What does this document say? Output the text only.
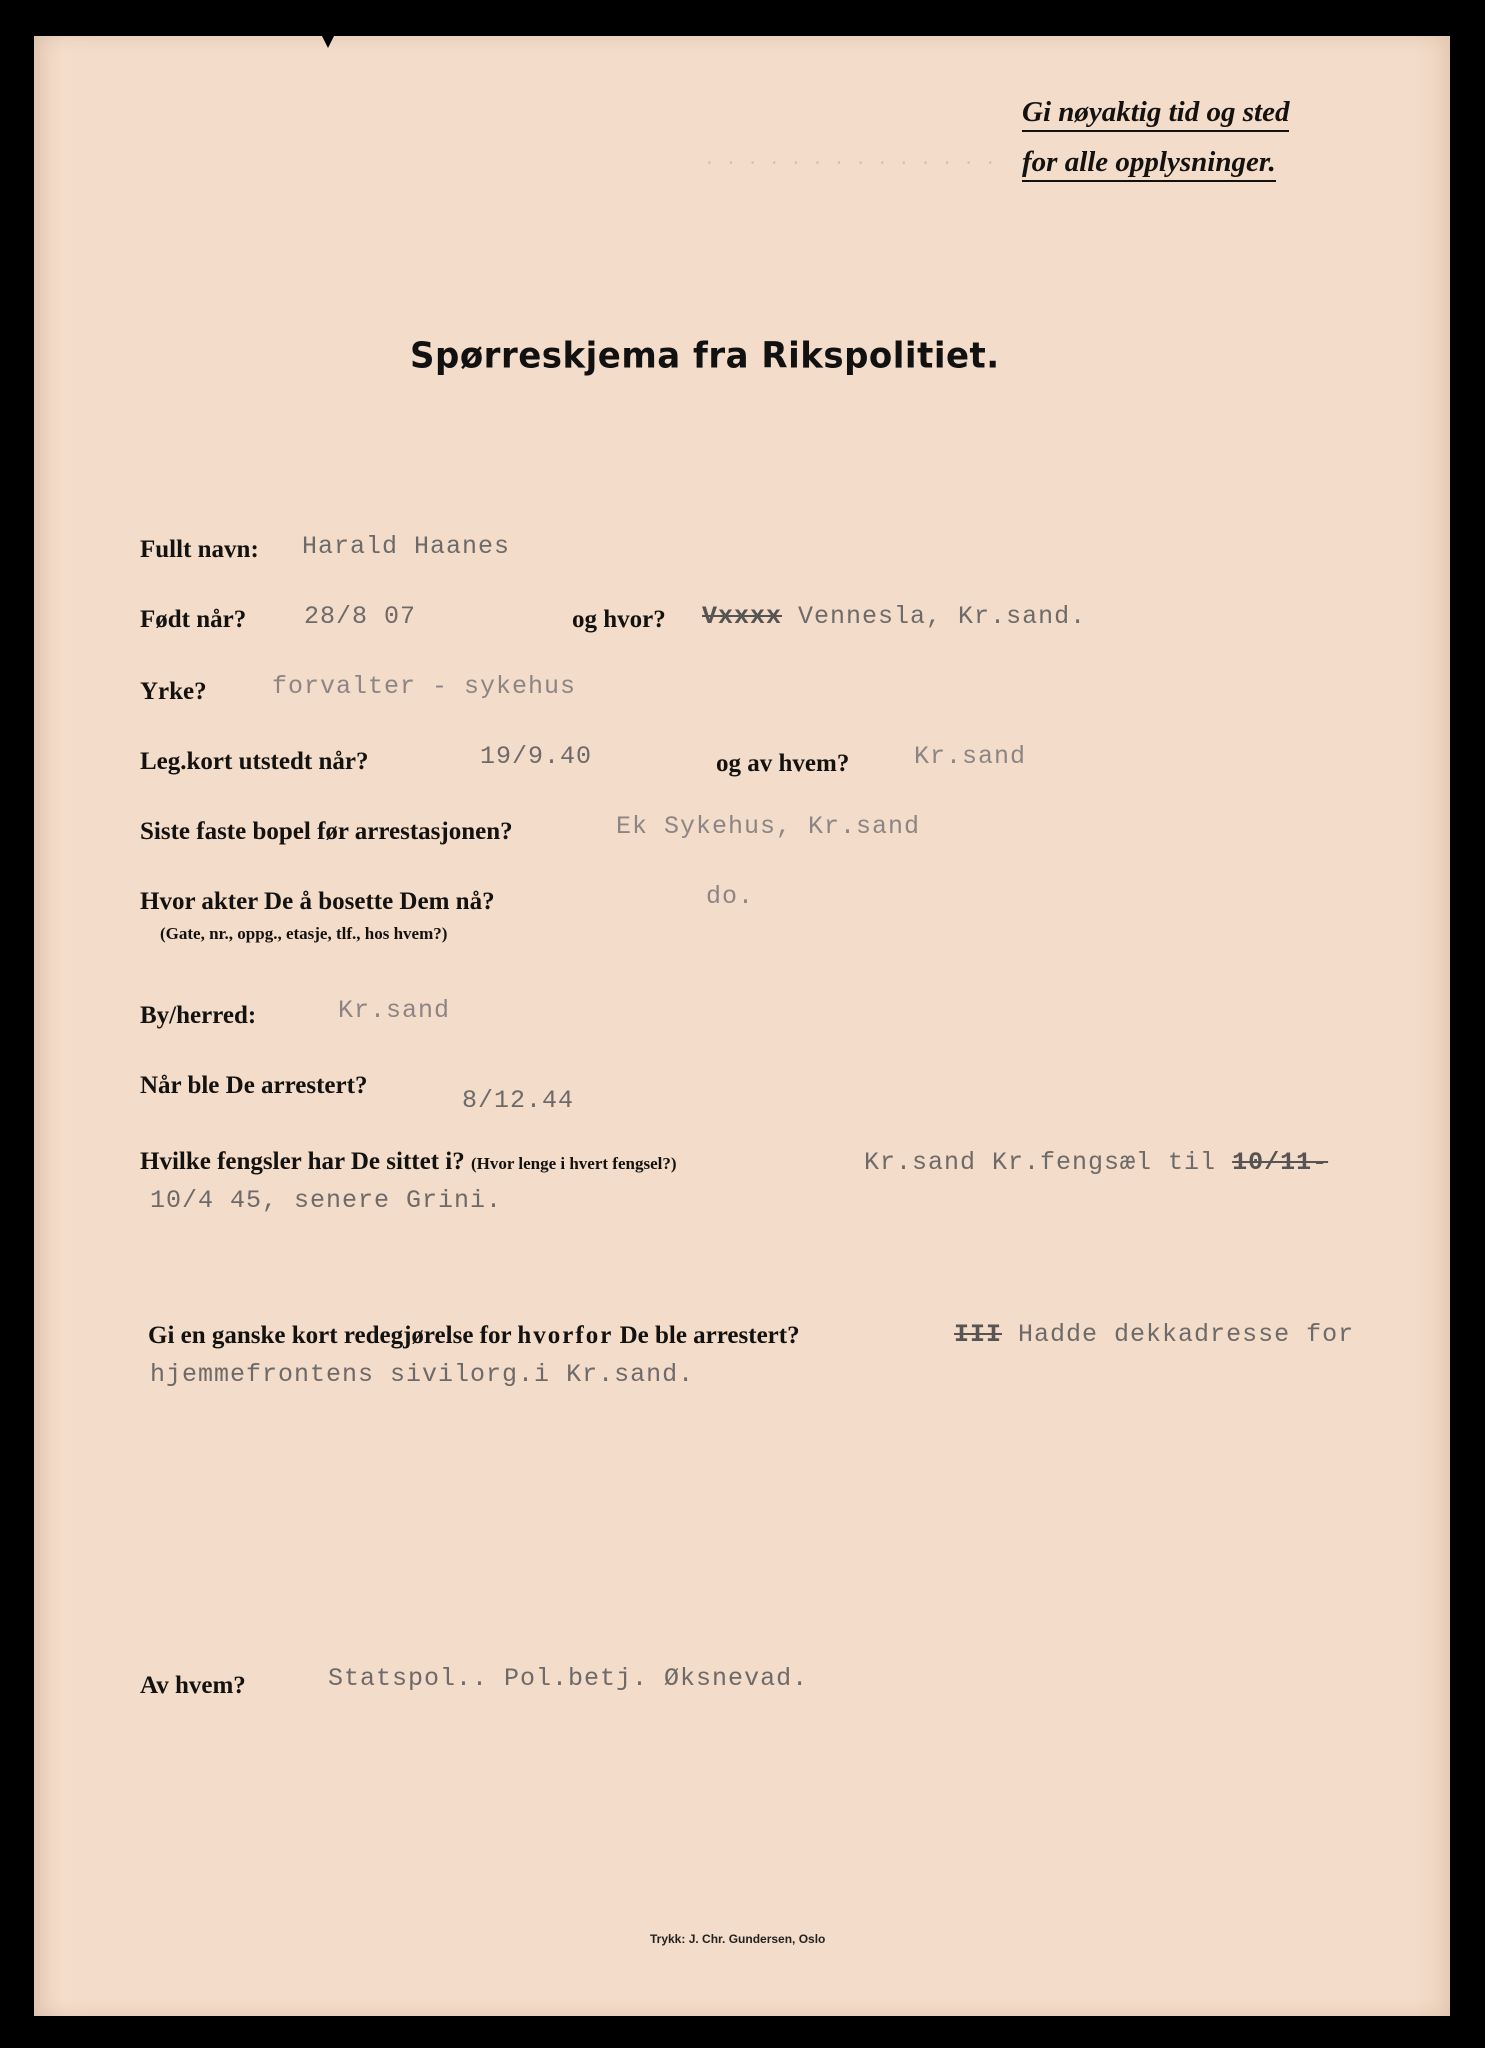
· · · · · · · · · · · · · ·
Gi nøyaktig tid og sted
for alle opplysninger.
Spørreskjema fra Rikspolitiet.
Fullt navn: Harald Haanes
Født når? 28/8 07	og hvor? Vxxxx Vennesla, Kr.sand.
Yrke?	forvalter - sykehus
Leg.kort utstedt når?	19/9.40	og av hvem?	Kr.sand
Siste faste bopel før arrestasjonen?	Ek Sykehus, Kr.sand
Hvor akter De å bosette Dem nå?
(Gate, nr., oppg., etasje, tlf., hos hvem?)
do.
By/herred:	Kr.sand
Når ble De arrestert?
8/12.44
Hvilke fengsler har De sittet i? (Hvor lenge i hvert fengsel?)	Kr.sand Kr.fengsæl til 10/11-
10/4 45, senere Grini.
Gi en ganske kort redegjørelse for hvorfor De ble arrestert?	III Hadde dekkadresse for
hjemmefrontens sivilorg.i Kr.sand.
Av hvem?	Statspol.. Pol.betj. Øksnevad.
Trykk: J. Chr. Gundersen, Oslo
